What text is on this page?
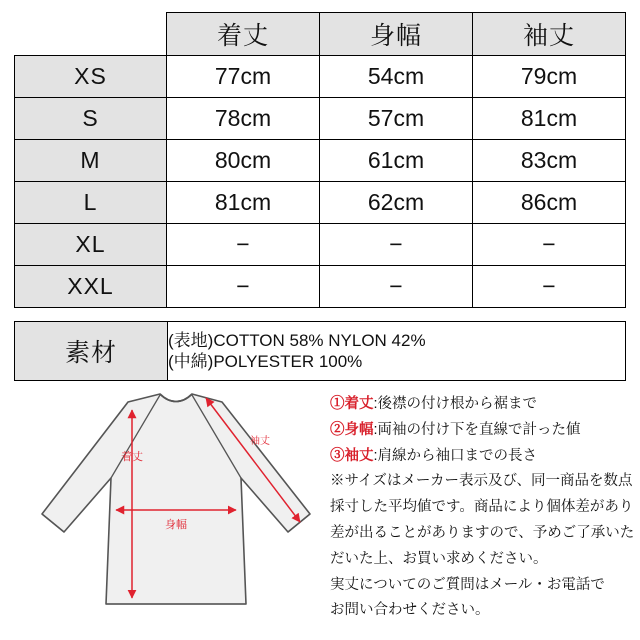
	着丈	身幅	袖丈
XS	77cm	54cm	79cm
S	78cm	57cm	81cm
M	80cm	61cm	83cm
L	81cm	62cm	86cm
XL	−	−	−
XXL	−	−	−
素材	(表地)COTTON 58% NYLON 42%
(中綿)POLYESTER 100%
着丈
身幅
袖丈
①着丈:後襟の付け根から裾まで
②身幅:両袖の付け下を直線で計った値
③袖丈:肩線から袖口までの長さ
※サイズはメーカー表示及び、同一商品を数点
採寸した平均値です。商品により個体差があり
差が出ることがありますので、予めご了承いた
だいた上、お買い求めください。
実丈についてのご質問はメール・お電話で
お問い合わせください。
